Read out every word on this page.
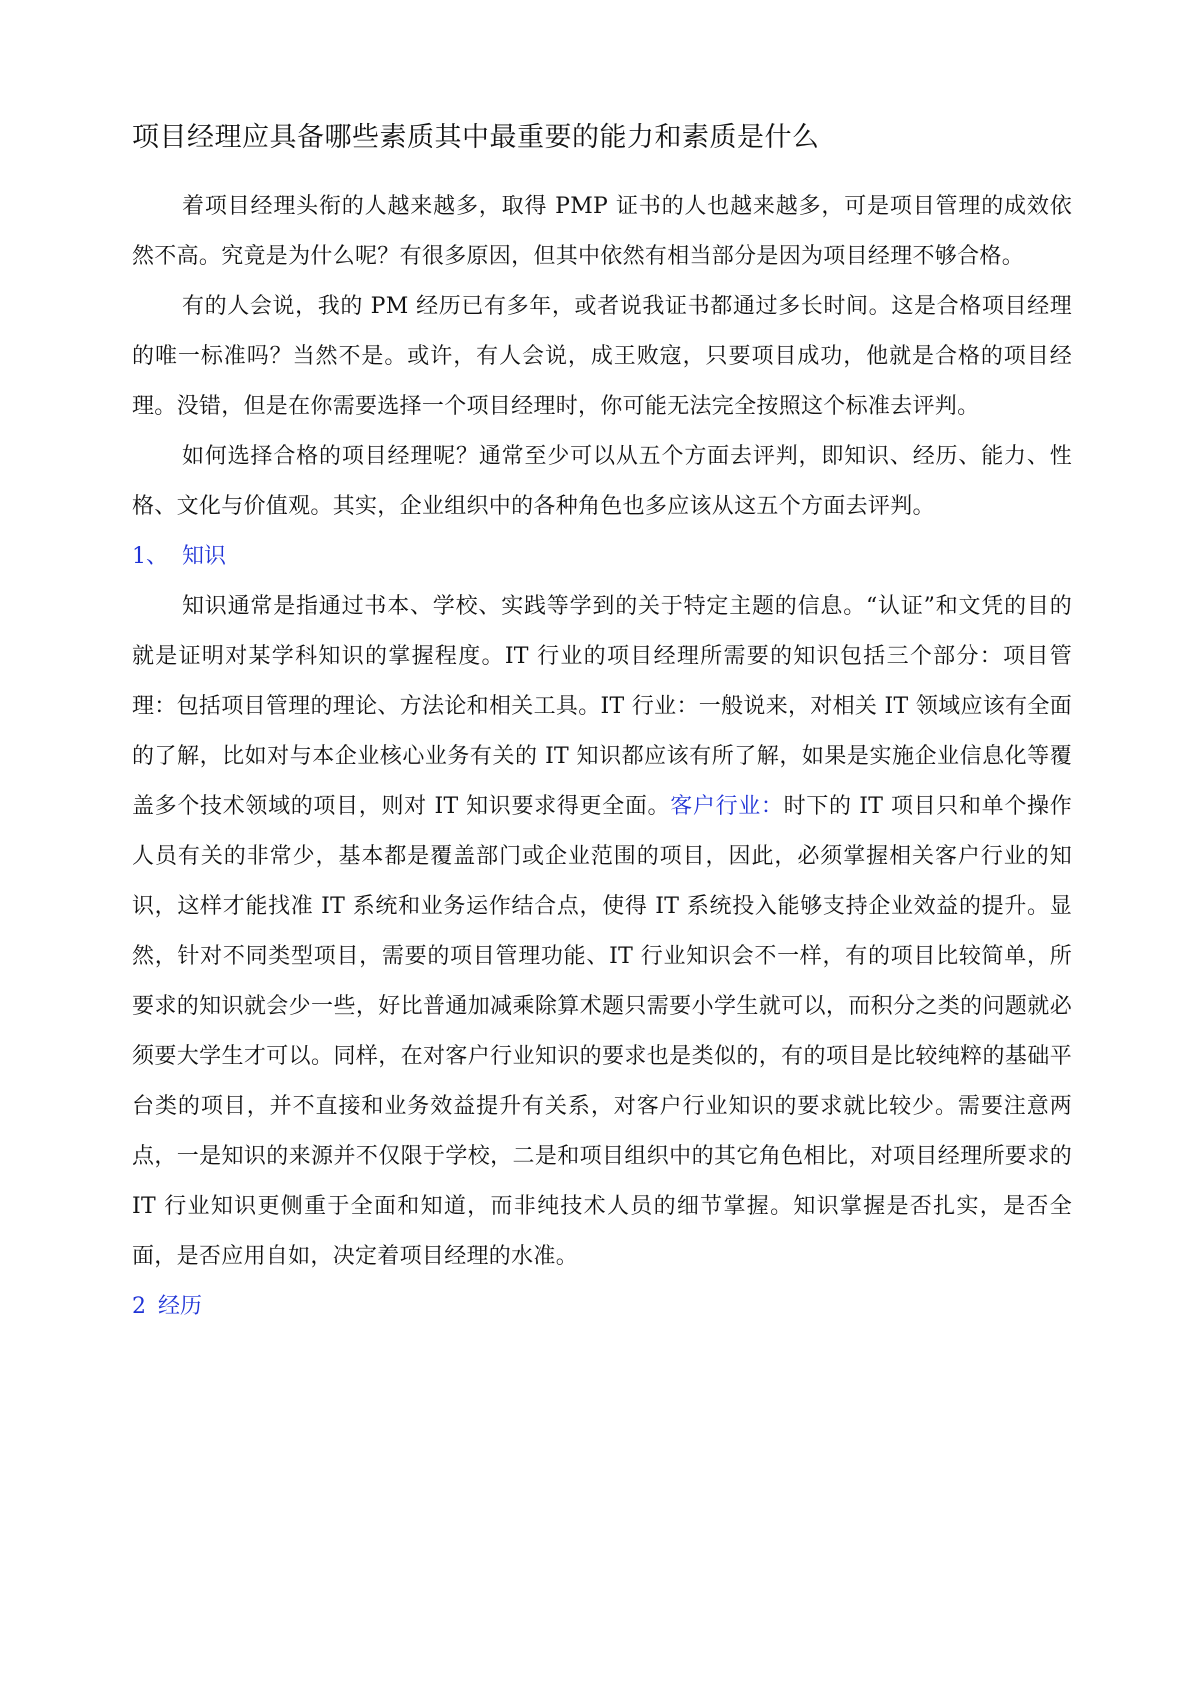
项目经理应具备哪些素质其中最重要的能力和素质是什么

着项目经理头衔的人越来越多，取得 PMP 证书的人也越来越多，可是项目管理的成效依然不高。究竟是为什么呢？有很多原因，但其中依然有相当部分是因为项目经理不够合格。

有的人会说，我的 PM 经历已有多年，或者说我证书都通过多长时间。这是合格项目经理的唯一标准吗？当然不是。或许，有人会说，成王败寇，只要项目成功，他就是合格的项目经理。没错，但是在你需要选择一个项目经理时，你可能无法完全按照这个标准去评判。

如何选择合格的项目经理呢？通常至少可以从五个方面去评判，即知识、经历、能力、性格、文化与价值观。其实，企业组织中的各种角色也多应该从这五个方面去评判。

1、 知识

知识通常是指通过书本、学校、实践等学到的关于特定主题的信息。“认证”和文凭的目的就是证明对某学科知识的掌握程度。IT 行业的项目经理所需要的知识包括三个部分：项目管理：包括项目管理的理论、方法论和相关工具。IT 行业：一般说来，对相关 IT 领域应该有全面的了解，比如对与本企业核心业务有关的 IT 知识都应该有所了解，如果是实施企业信息化等覆盖多个技术领域的项目，则对 IT 知识要求得更全面。客户行业：时下的 IT 项目只和单个操作人员有关的非常少，基本都是覆盖部门或企业范围的项目，因此，必须掌握相关客户行业的知识，这样才能找准 IT 系统和业务运作结合点，使得 IT 系统投入能够支持企业效益的提升。显然，针对不同类型项目，需要的项目管理功能、IT 行业知识会不一样，有的项目比较简单，所要求的知识就会少一些，好比普通加减乘除算术题只需要小学生就可以，而积分之类的问题就必须要大学生才可以。同样，在对客户行业知识的要求也是类似的，有的项目是比较纯粹的基础平台类的项目，并不直接和业务效益提升有关系，对客户行业知识的要求就比较少。需要注意两点，一是知识的来源并不仅限于学校，二是和项目组织中的其它角色相比，对项目经理所要求的 IT 行业知识更侧重于全面和知道，而非纯技术人员的细节掌握。知识掌握是否扎实，是否全面，是否应用自如，决定着项目经理的水准。

2 经历
